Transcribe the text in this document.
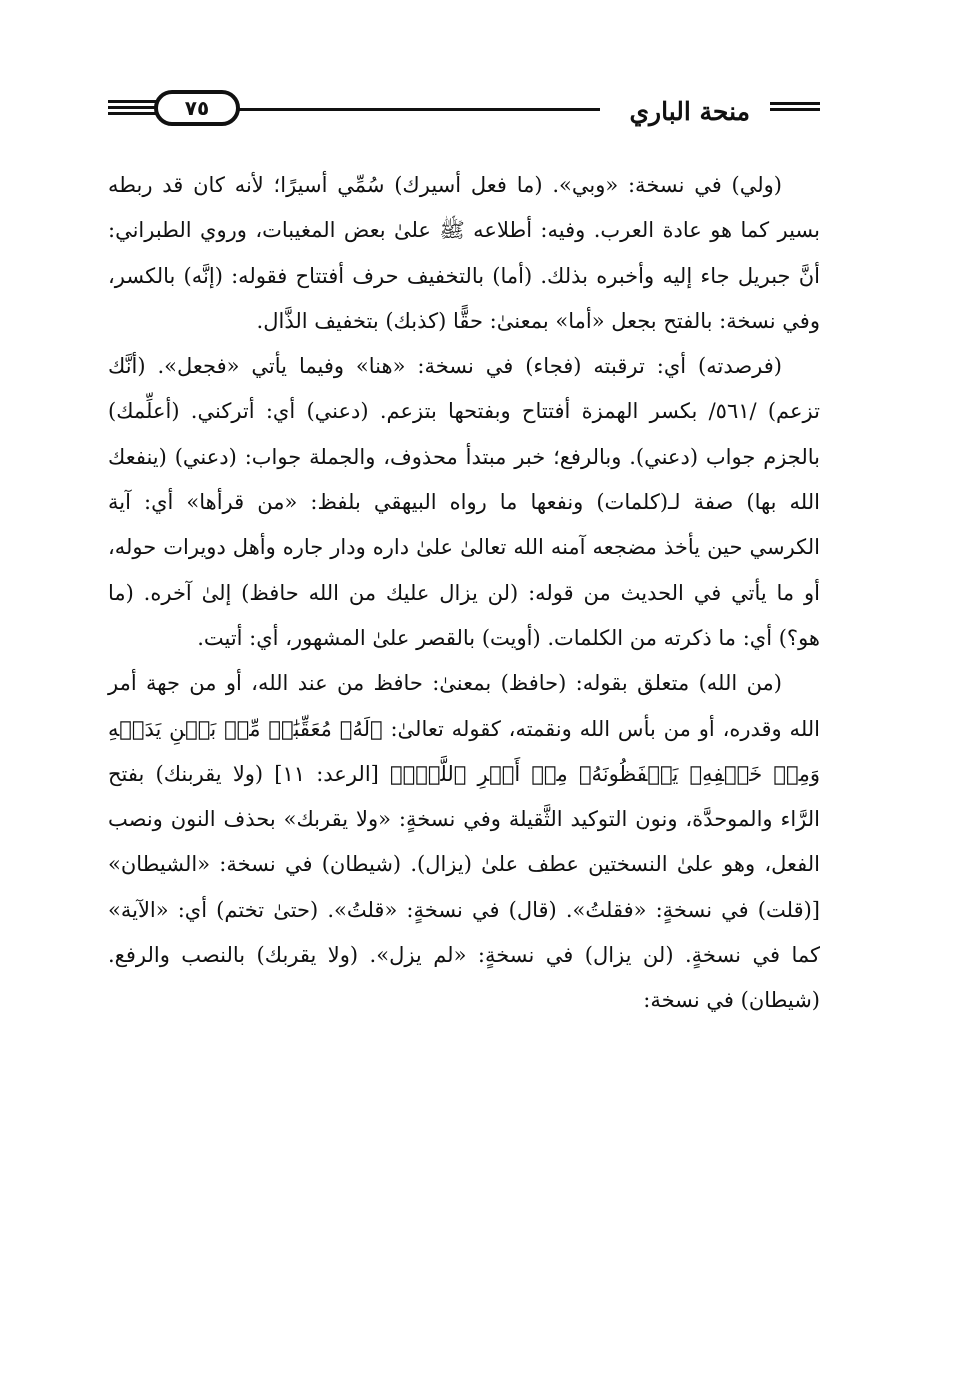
منحة الباري
٧٥

(ولي) في نسخة: «وبي». (ما فعل أسيرك) سُمِّي أسيرًا؛ لأنه كان قد ربطه بسير كما هو عادة العرب. وفيه: أطلاعه ﷺ علىٰ بعض المغيبات، وروي الطبراني: أنَّ جبريل جاء إليه وأخبره بذلك. (أما) بالتخفيف حرف أفتتاح فقوله: (إنَّه) بالكسر، وفي نسخة: بالفتح بجعل «أما» بمعنىٰ: حقًّا (كذبك) بتخفيف الذَّال.

(فرصدته) أي: ترقبته (فجاء) في نسخة: «هنا» وفيما يأتي «فجعل». (أنَّك تزعم) /٥٦١/ بكسر الهمزة أفتتاح وبفتحها بتزعم. (دعني) أي: أتركني. (أعلِّمك) بالجزم جواب (دعني). وبالرفع؛ خبر مبتدأ محذوف، والجملة جواب: (دعني) (ينفعك الله بها) صفة لـ(كلمات) ونفعها ما رواه البيهقي بلفظ: «من قرأها» أي: آية الكرسي حين يأخذ مضجعه آمنه الله تعالىٰ علىٰ داره ودار جاره وأهل دويرات حوله، أو ما يأتي في الحديث من قوله: (لن يزال عليك من الله حافظ) إلىٰ آخره. (ما هو؟) أي: ما ذكرته من الكلمات. (أويت) بالقصر علىٰ المشهور، أي: أتيت.

(من الله) متعلق بقوله: (حافظ) بمعنىٰ: حافظ من عند الله، أو من جهة أمر الله وقدره، أو من بأس الله ونقمته، كقوله تعالىٰ: ﴿لَهُۥ مُعَقِّبَٰتٞ مِّنۢ بَيۡنِ يَدَيۡهِ وَمِنۡ خَلۡفِهِۦ يَحۡفَظُونَهُۥ مِنۡ أَمۡرِ ٱللَّهِۗ﴾ [الرعد: ١١] (ولا يقربنك) بفتح الرَّاء والموحدَّة، ونون التوكيد الثَّقيلة وفي نسخةٍ: «ولا يقربك» بحذف النون ونصب الفعل، وهو علىٰ النسختين عطف علىٰ (يزال). (شيطان) في نسخة: «الشيطان» [(قلت) في نسخةٍ: «فقلتُ». (قال) في نسخةٍ: «قلتُ». (حتىٰ تختم) أي: «الآية» كما في نسخةٍ. (لن يزال) في نسخةٍ: «لم يزل». (ولا يقربك) بالنصب والرفع. (شيطان) في نسخة:
